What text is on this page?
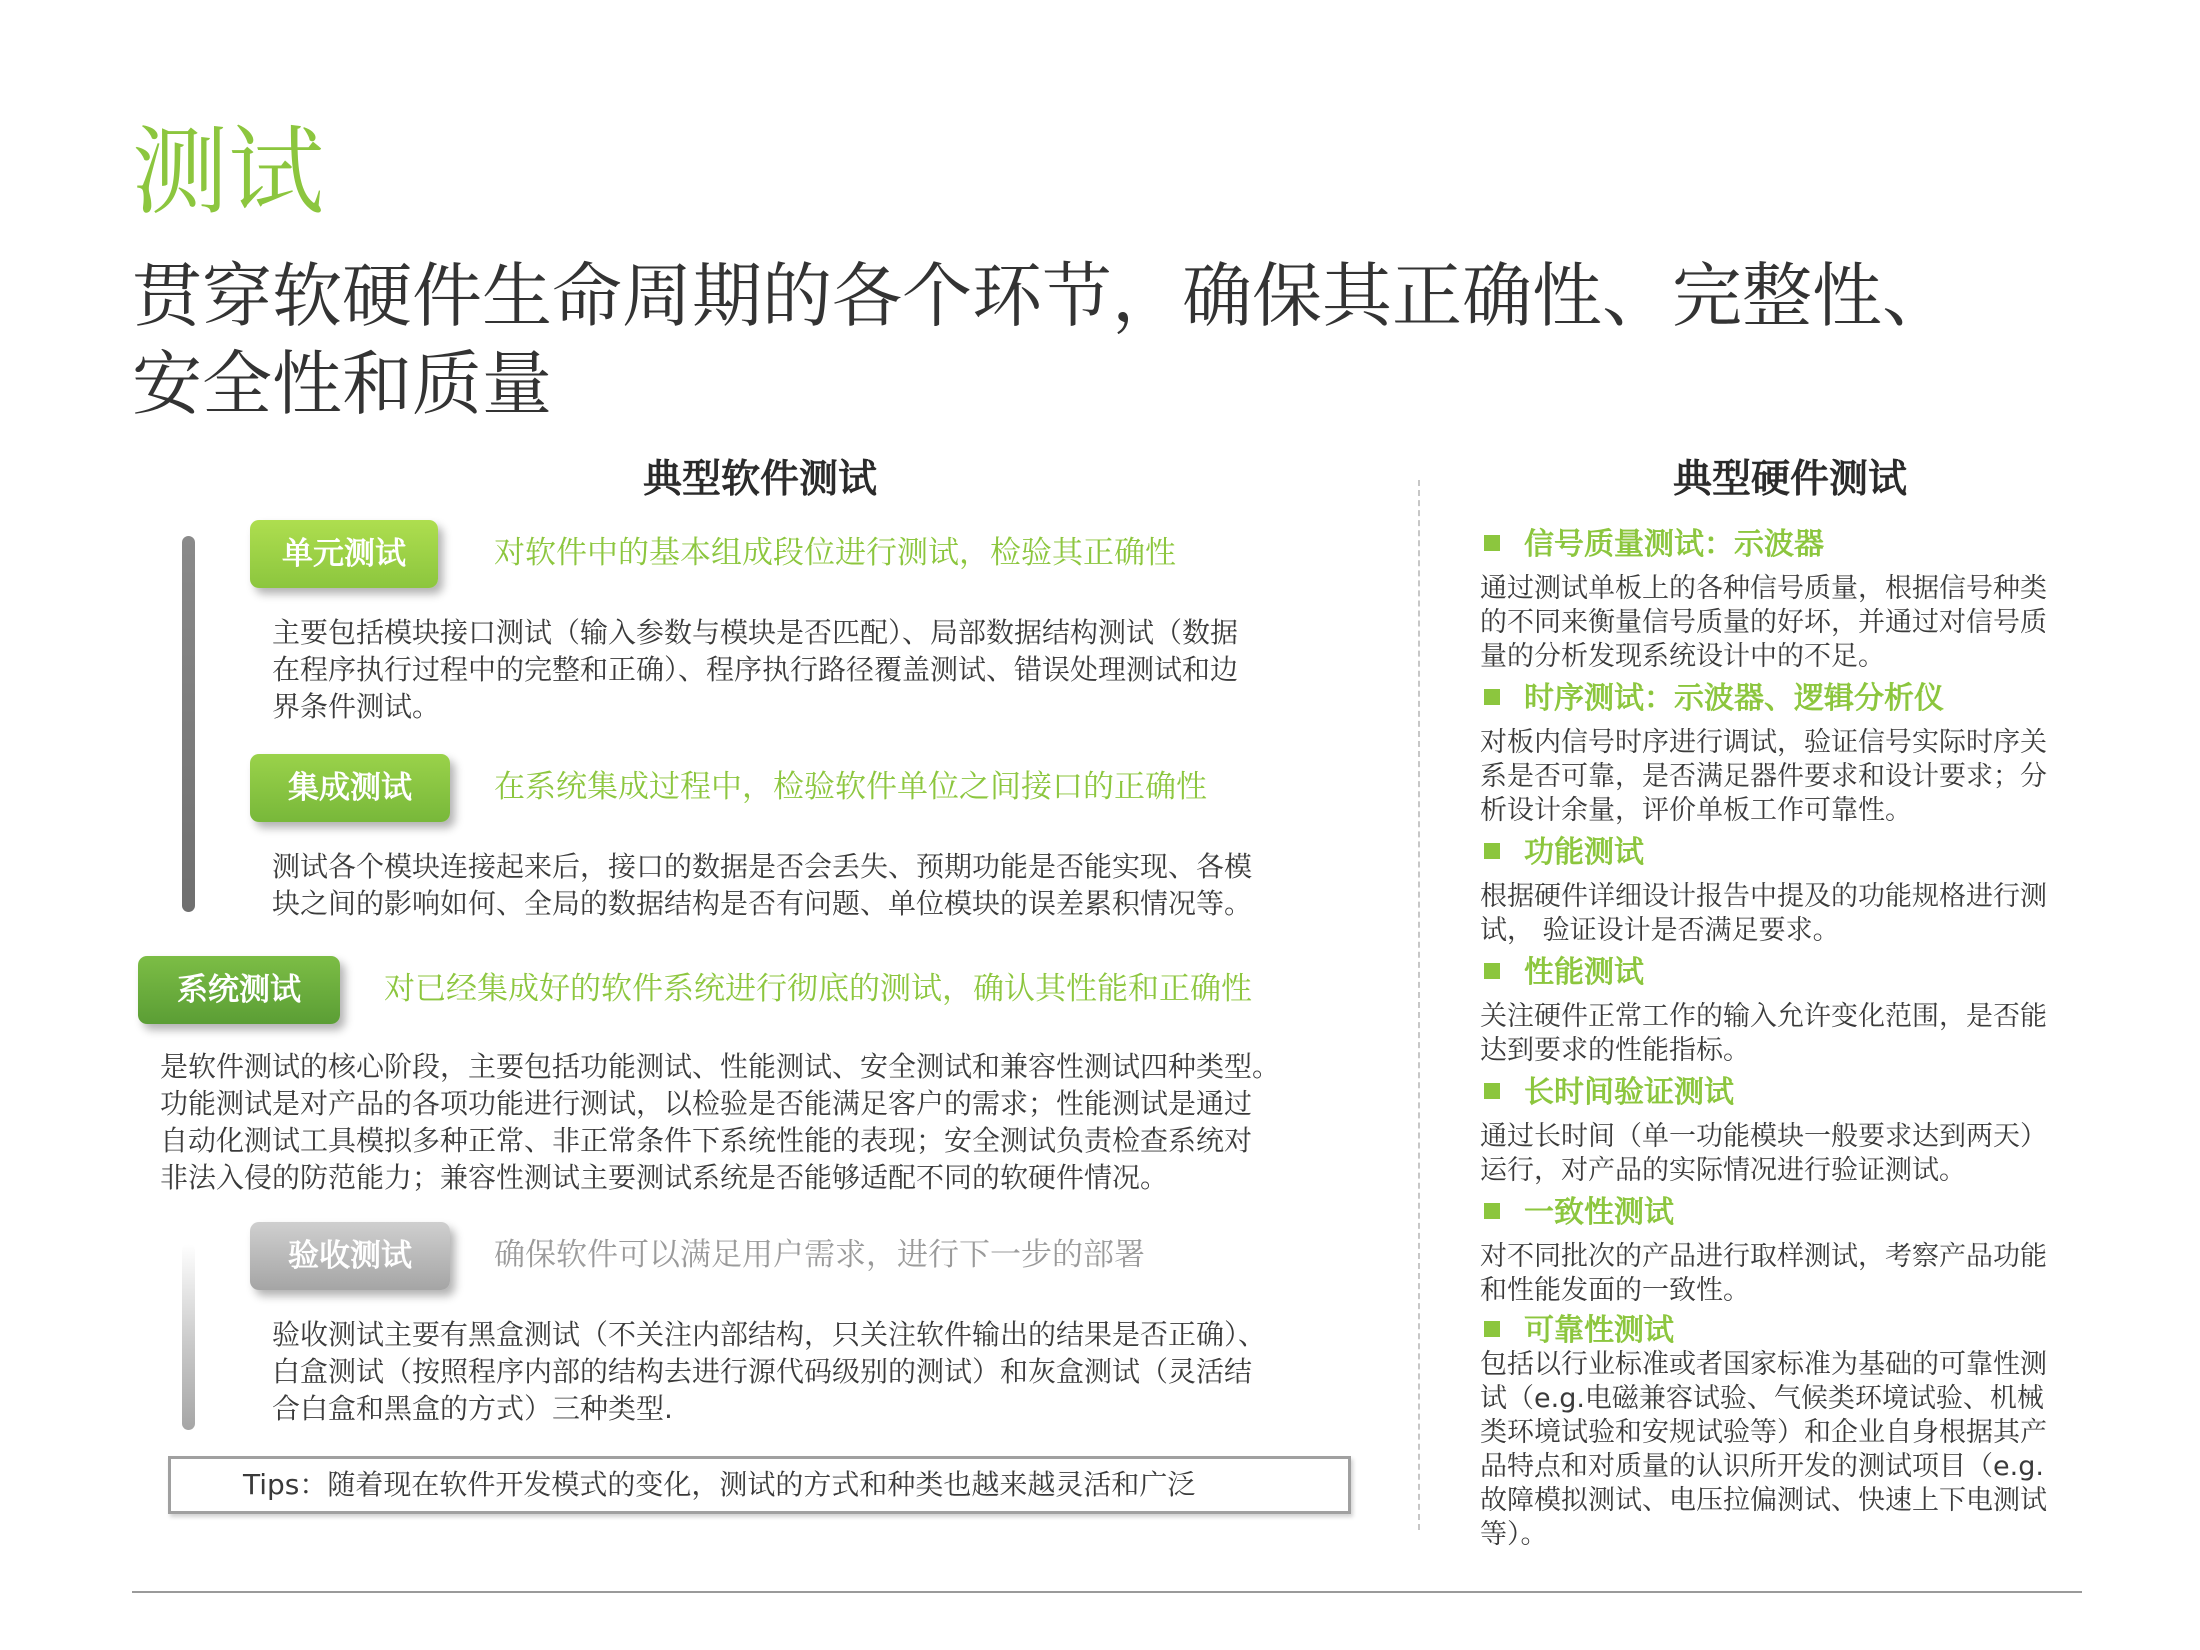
测试
贯穿软硬件生命周期的各个环节，确保其正确性、完整性、
安全性和质量
典型软件测试	典型硬件测试
单元测试	对软件中的基本组成段位进行测试，检验其正确性

主要包括模块接口测试（输入参数与模块是否匹配）、局部数据结构测试（数据

在程序执行过程中的完整和正确）、程序执行路径覆盖测试、错误处理测试和边

界条件测试。

集成测试	在系统集成过程中，检验软件单位之间接口的正确性

测试各个模块连接起来后，接口的数据是否会丢失、预期功能是否能实现、各模

块之间的影响如何、全局的数据结构是否有问题、单位模块的误差累积情况等。

系统测试	对已经集成好的软件系统进行彻底的测试，确认其性能和正确性

是软件测试的核心阶段，主要包括功能测试、性能测试、安全测试和兼容性测试四种类型。

功能测试是对产品的各项功能进行测试，以检验是否能满足客户的需求；性能测试是通过

自动化测试工具模拟多种正常、非正常条件下系统性能的表现；安全测试负责检查系统对

非法入侵的防范能力；兼容性测试主要测试系统是否能够适配不同的软硬件情况。

验收测试	确保软件可以满足用户需求，进行下一步的部署

验收测试主要有黑盒测试（不关注内部结构，只关注软件输出的结果是否正确）、

白盒测试（按照程序内部的结构去进行源代码级别的测试）和灰盒测试（灵活结

合白盒和黑盒的方式）三种类型.

Tips：随着现在软件开发模式的变化，测试的方式和种类也越来越灵活和广泛
信号质量测试：示波器

通过测试单板上的各种信号质量，根据信号种类

的不同来衡量信号质量的好坏，并通过对信号质

量的分析发现系统设计中的不足。

时序测试：示波器、逻辑分析仪

对板内信号时序进行调试，验证信号实际时序关

系是否可靠，是否满足器件要求和设计要求；分

析设计余量，评价单板工作可靠性。

功能测试

根据硬件详细设计报告中提及的功能规格进行测

试， 验证设计是否满足要求。

性能测试

关注硬件正常工作的输入允许变化范围，是否能

达到要求的性能指标。

长时间验证测试

通过长时间（单一功能模块一般要求达到两天）

运行，对产品的实际情况进行验证测试。

一致性测试

对不同批次的产品进行取样测试，考察产品功能

和性能发面的一致性。

可靠性测试

包括以行业标准或者国家标准为基础的可靠性测

试（e.g.电磁兼容试验、气候类环境试验、机械

类环境试验和安规试验等）和企业自身根据其产

品特点和对质量的认识所开发的测试项目（e.g.

故障模拟测试、电压拉偏测试、快速上下电测试

等）。
